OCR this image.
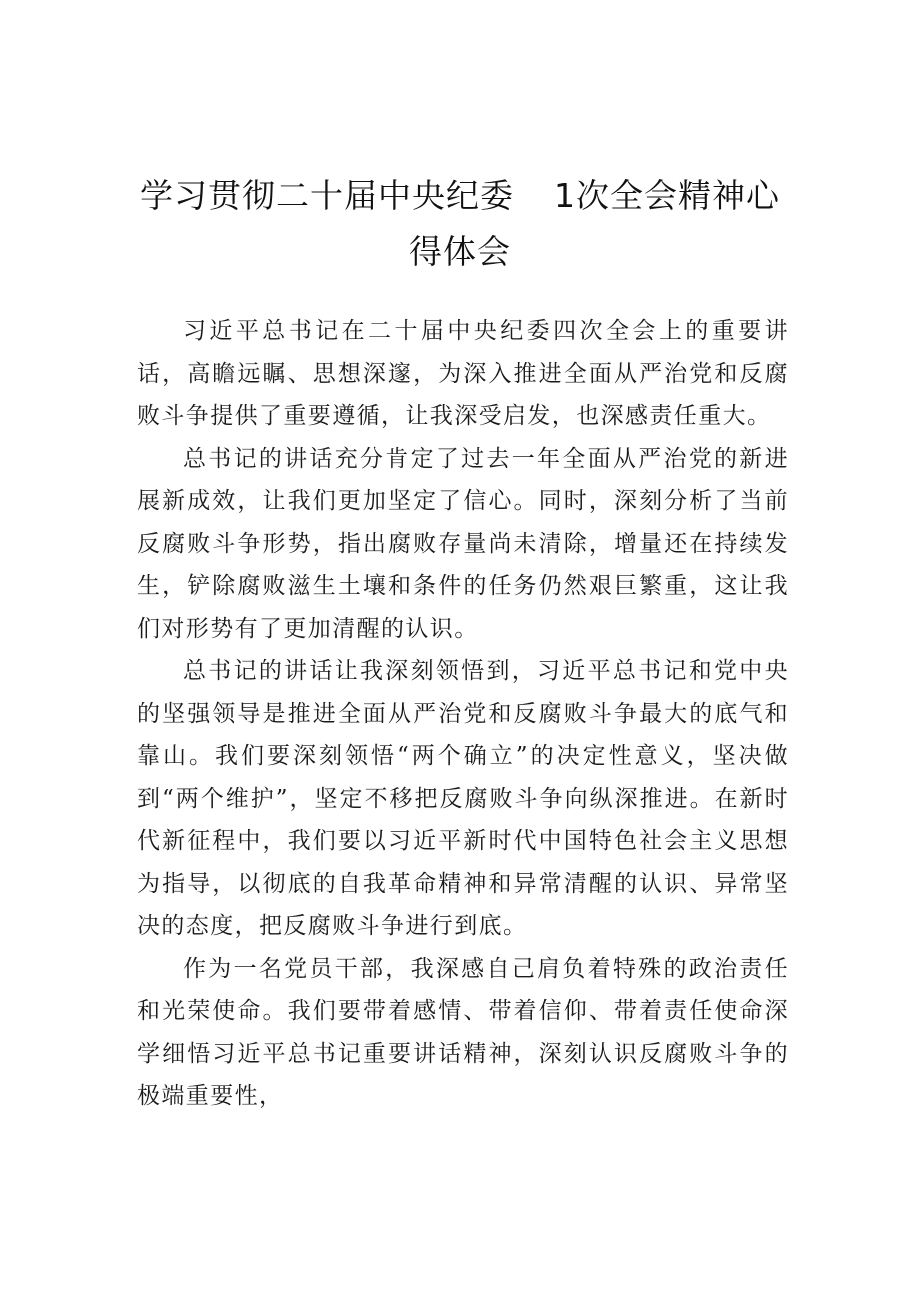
学习贯彻二十届中央纪委 1次全会精神心
得体会

习近平总书记在二十届中央纪委四次全会上的重要讲话，高瞻远瞩、思想深邃，为深入推进全面从严治党和反腐败斗争提供了重要遵循，让我深受启发，也深感责任重大。

总书记的讲话充分肯定了过去一年全面从严治党的新进展新成效，让我们更加坚定了信心。同时，深刻分析了当前反腐败斗争形势，指出腐败存量尚未清除，增量还在持续发生，铲除腐败滋生土壤和条件的任务仍然艰巨繁重，这让我们对形势有了更加清醒的认识。

总书记的讲话让我深刻领悟到，习近平总书记和党中央的坚强领导是推进全面从严治党和反腐败斗争最大的底气和靠山。我们要深刻领悟“两个确立”的决定性意义，坚决做到“两个维护”，坚定不移把反腐败斗争向纵深推进。在新时代新征程中，我们要以习近平新时代中国特色社会主义思想为指导，以彻底的自我革命精神和异常清醒的认识、异常坚决的态度，把反腐败斗争进行到底。

作为一名党员干部，我深感自己肩负着特殊的政治责任和光荣使命。我们要带着感情、带着信仰、带着责任使命深学细悟习近平总书记重要讲话精神，深刻认识反腐败斗争的极端重要性，
